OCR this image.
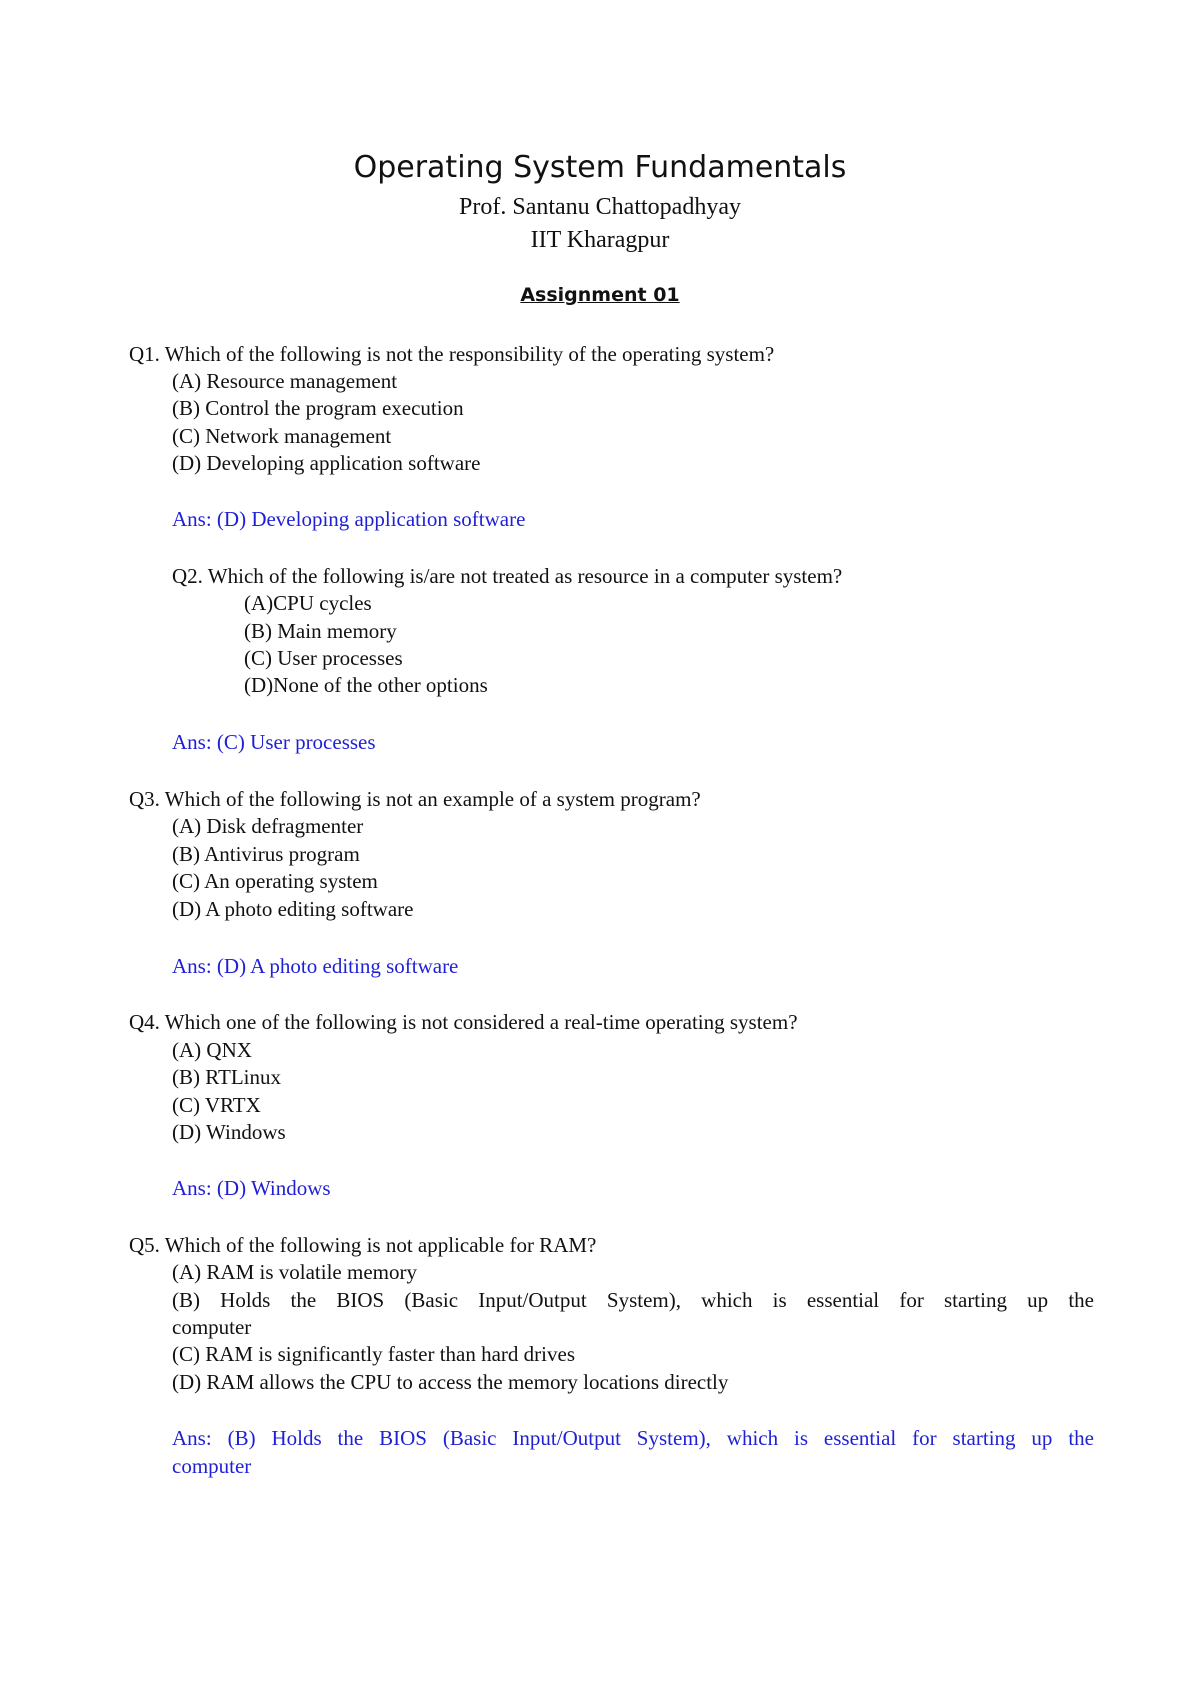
Operating System Fundamentals
Prof. Santanu Chattopadhyay
IIT Kharagpur
Assignment 01
Q1. Which of the following is not the responsibility of the operating system?
(A) Resource management
(B) Control the program execution
(C) Network management
(D) Developing application software
Ans: (D) Developing application software
Q2. Which of the following is/are not treated as resource in a computer system?
(A)CPU cycles
(B) Main memory
(C) User processes
(D)None of the other options
Ans: (C) User processes
Q3. Which of the following is not an example of a system program?
(A) Disk defragmenter
(B) Antivirus program
(C) An operating system
(D) A photo editing software
Ans: (D) A photo editing software
Q4. Which one of the following is not considered a real-time operating system?
(A) QNX
(B) RTLinux
(C) VRTX
(D) Windows
Ans: (D) Windows
Q5. Which of the following is not applicable for RAM?
(A) RAM is volatile memory
(B) Holds the BIOS (Basic Input/Output System), which is essential for starting up the
computer
(C) RAM is significantly faster than hard drives
(D) RAM allows the CPU to access the memory locations directly
Ans: (B) Holds the BIOS (Basic Input/Output System), which is essential for starting up the
computer
